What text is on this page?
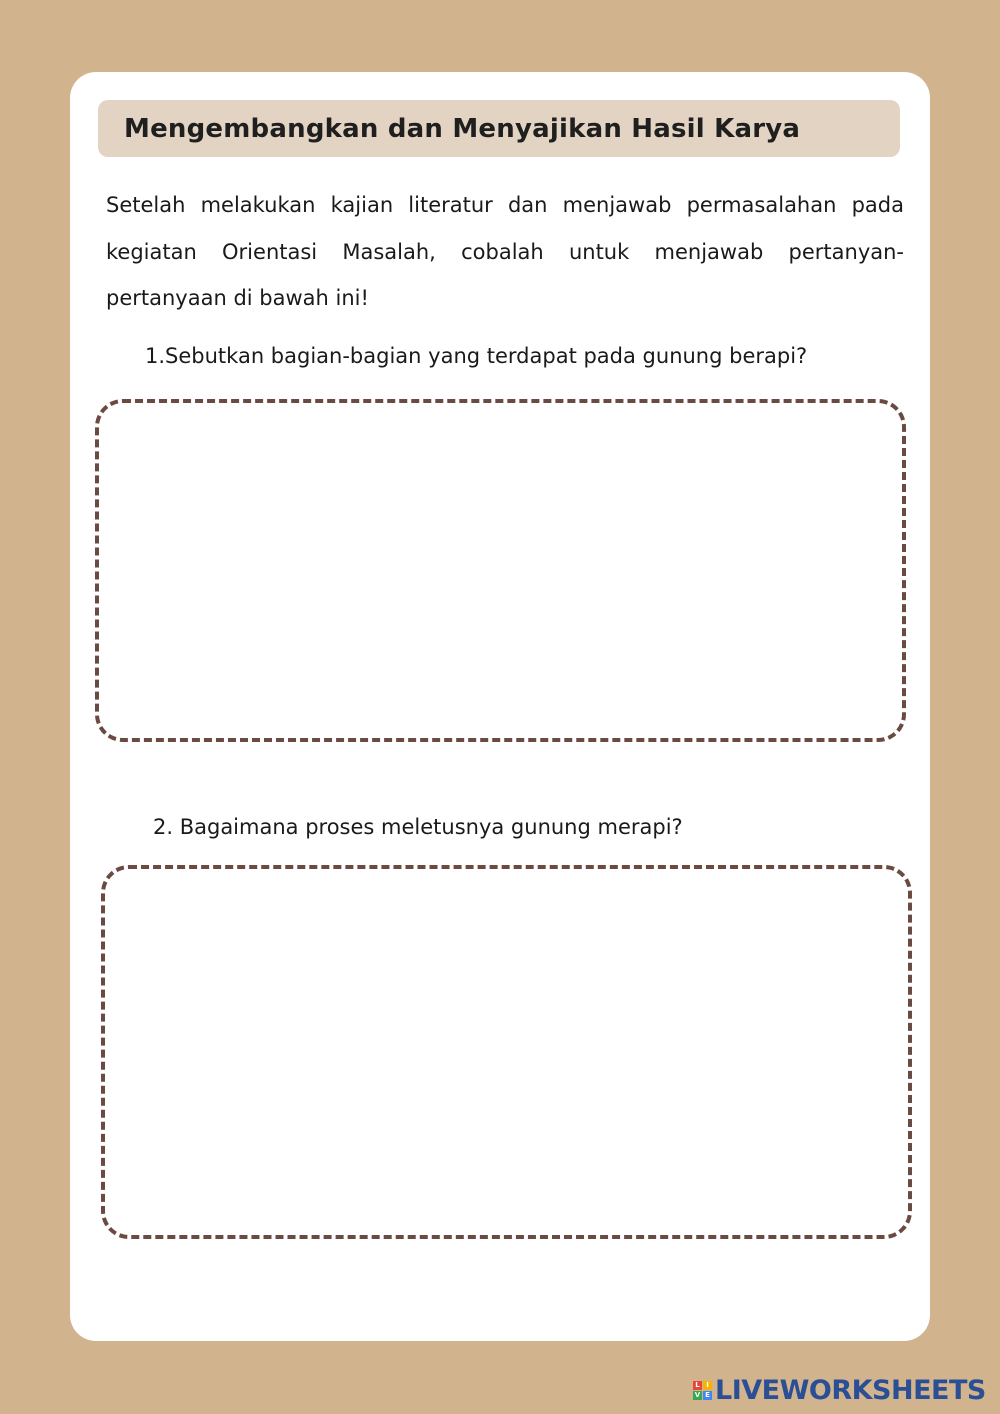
Mengembangkan dan Menyajikan Hasil Karya

Setelah melakukan kajian literatur dan menjawab permasalahan pada kegiatan Orientasi Masalah, cobalah untuk menjawab pertanyan-pertanyaan di bawah ini!

1.Sebutkan bagian-bagian yang terdapat pada gunung berapi?

2. Bagaimana proses meletusnya gunung merapi?

L I
V E LIVEWORKSHEETS
